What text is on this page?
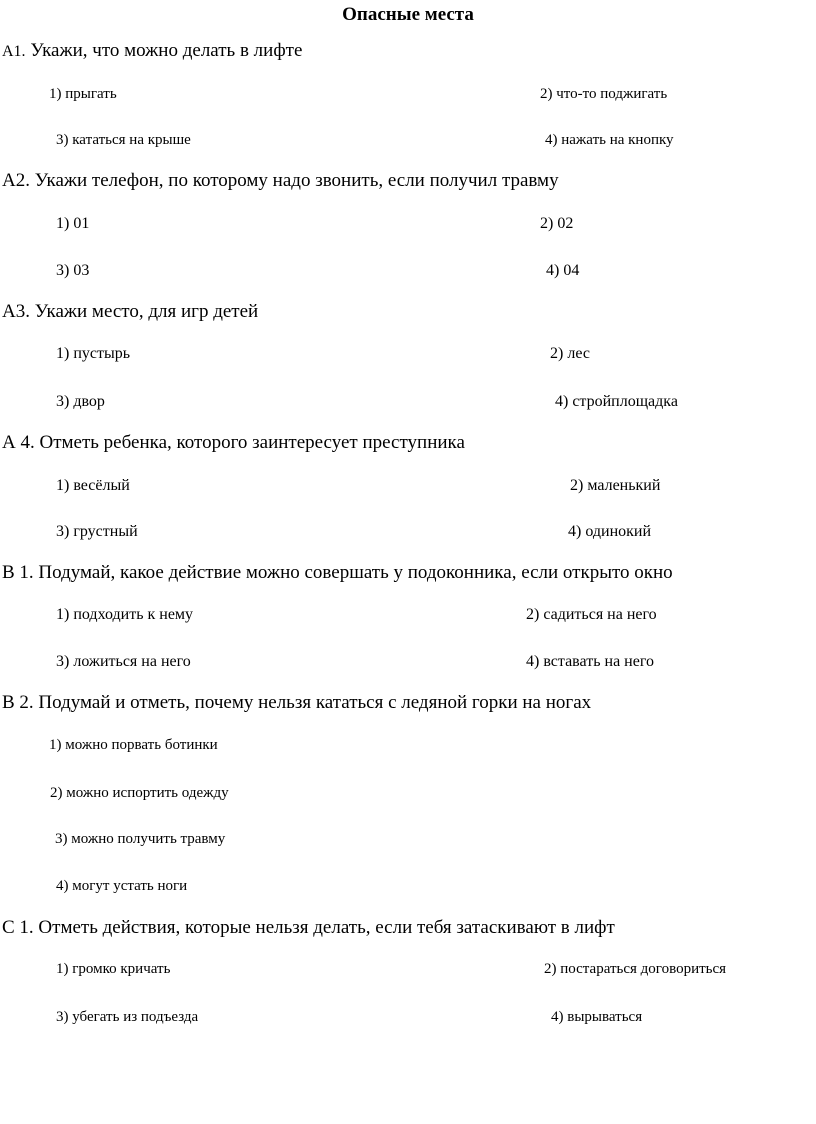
Опасные места
А1. Укажи, что можно делать в лифте
1) прыгать	2) что-то поджигать
3) кататься на крыше	4) нажать на кнопку
А2. Укажи телефон, по которому надо звонить, если получил травму
1) 01	2) 02
3) 03	4) 04
А3. Укажи место, для игр детей
1) пустырь	2) лес
3) двор	4) стройплощадка
А 4. Отметь ребенка, которого заинтересует преступника
1) весёлый	2) маленький
3) грустный	4) одинокий
В 1. Подумай, какое действие можно совершать у подоконника, если открыто окно
1) подходить к нему	2) садиться на него
3) ложиться на него	4) вставать на него
В 2. Подумай и отметь, почему нельзя кататься с ледяной горки на ногах
1) можно порвать ботинки
2) можно испортить одежду
3) можно получить травму
4) могут устать ноги
С 1. Отметь действия, которые нельзя делать, если тебя затаскивают в лифт
1) громко кричать	2) постараться договориться
3) убегать из подъезда	4) вырываться
